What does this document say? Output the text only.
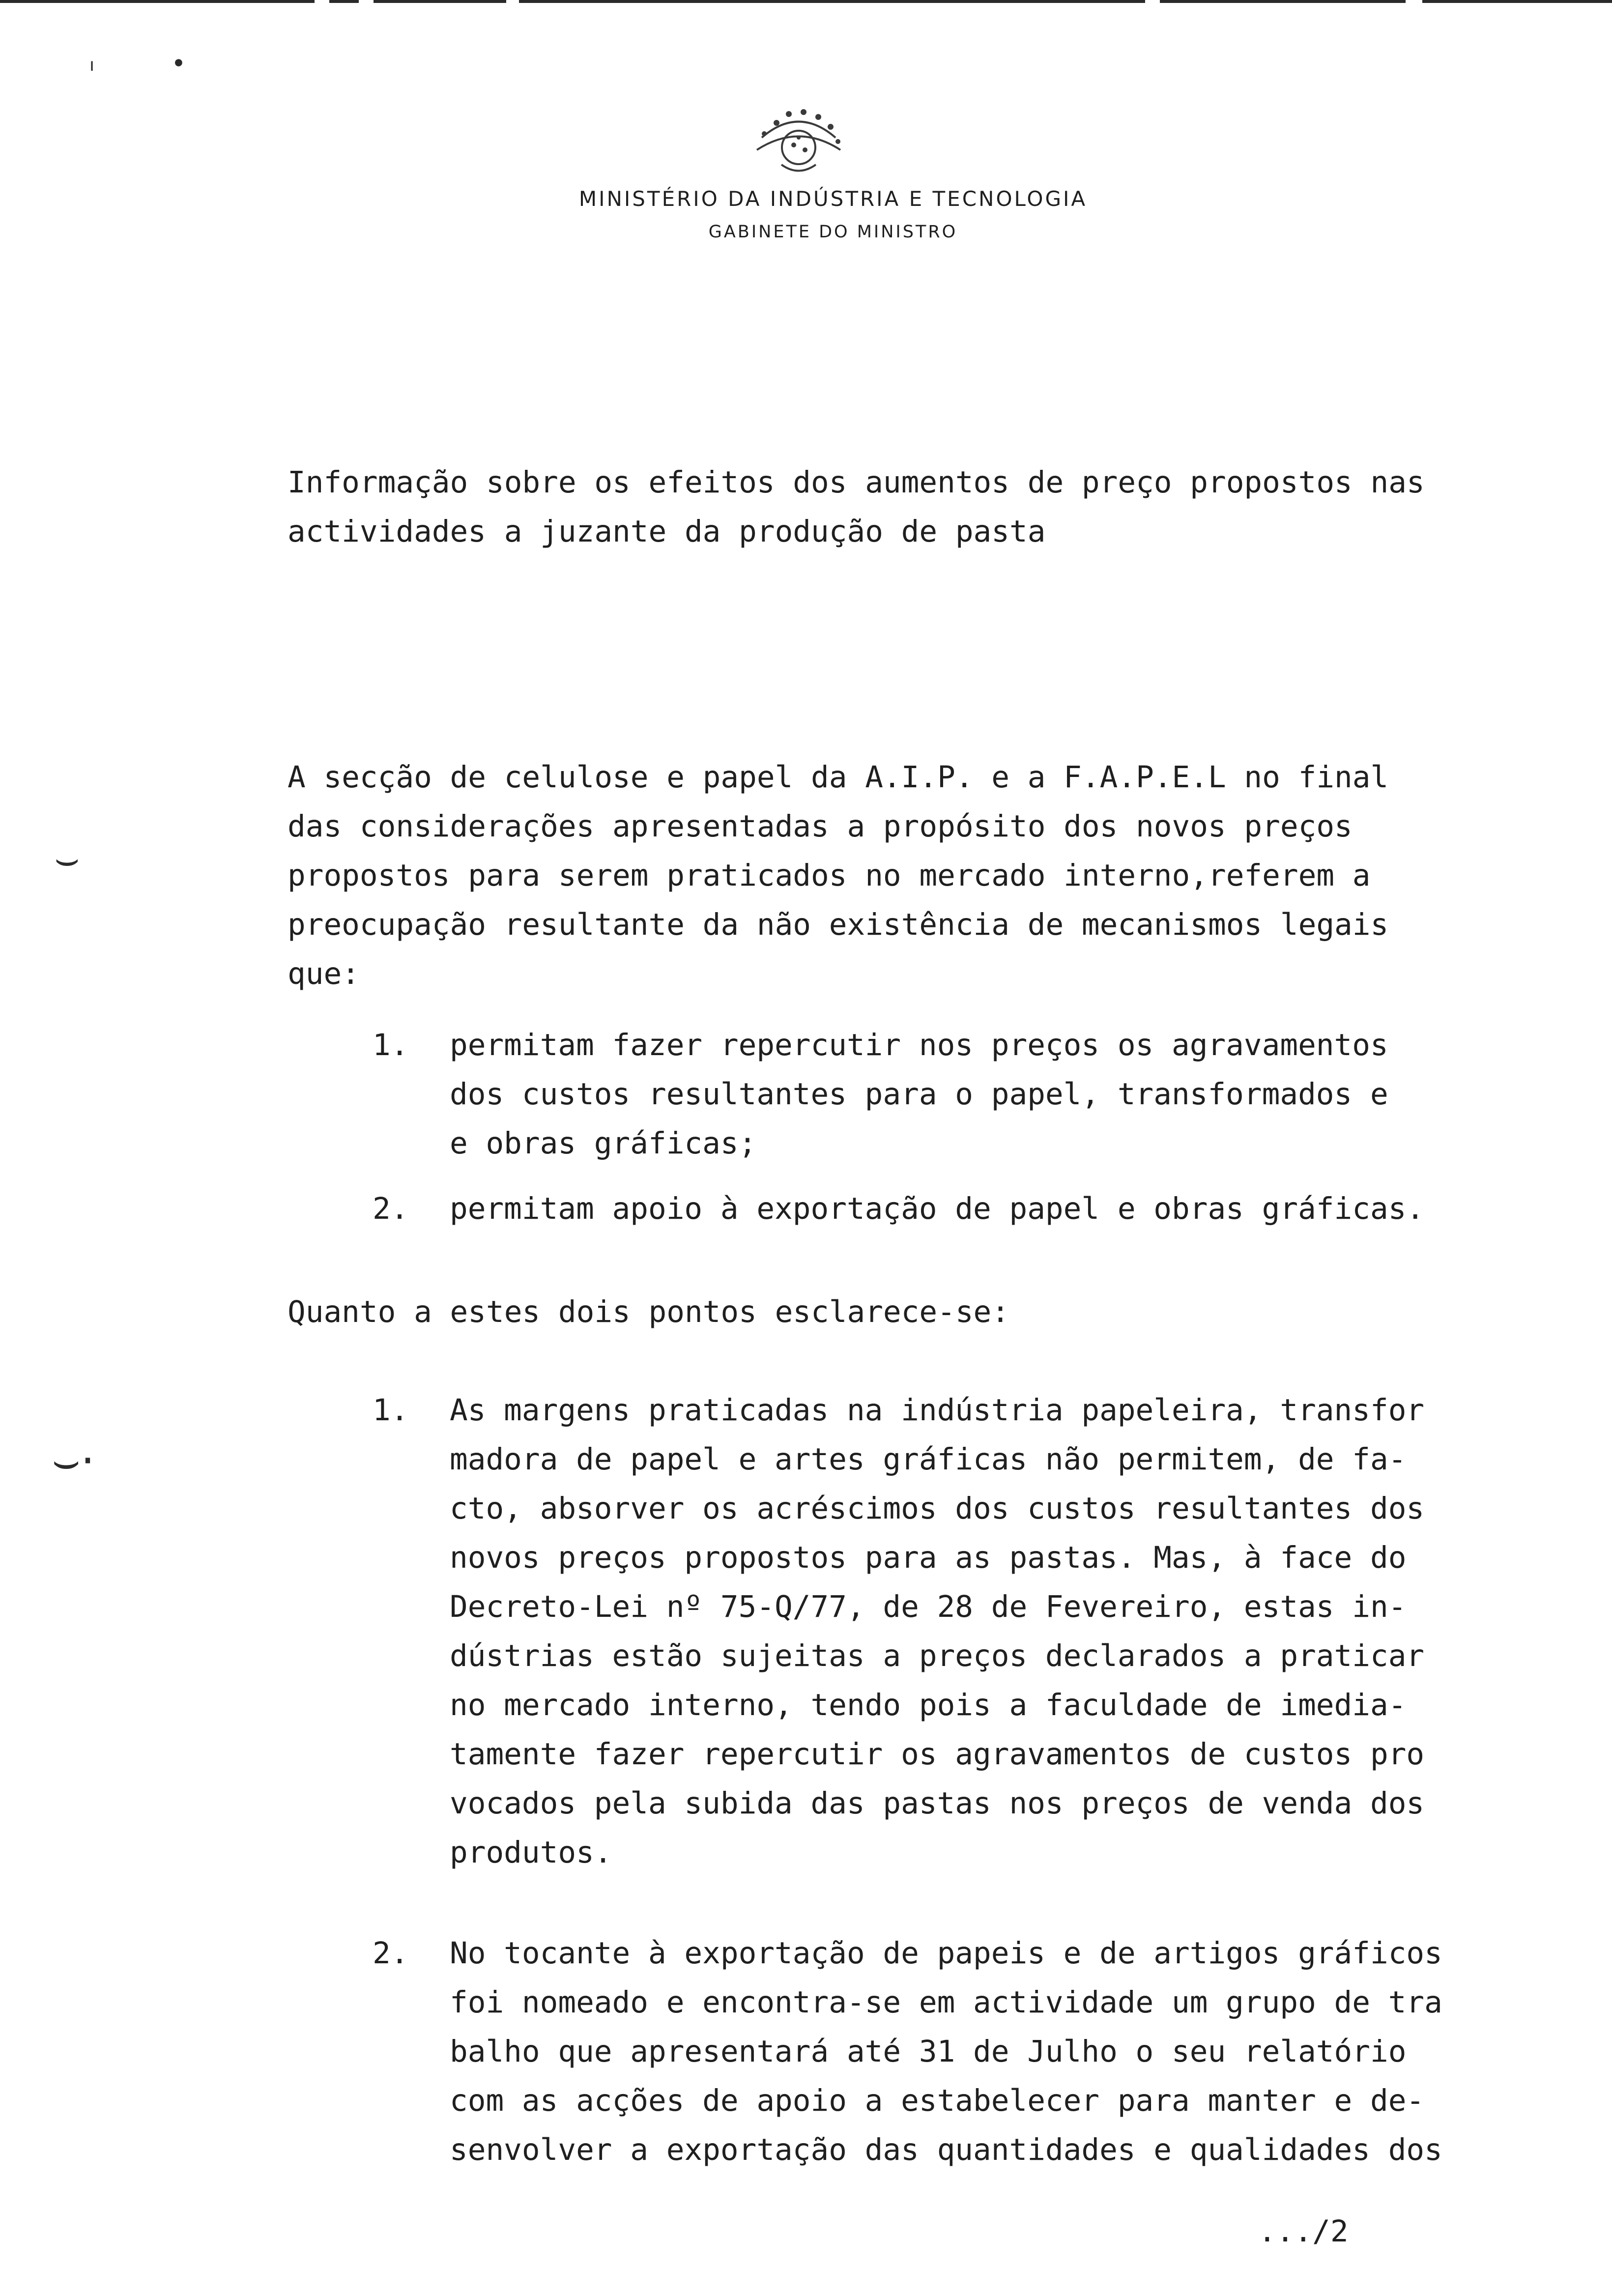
ı	•
MINISTÉRIO DA INDÚSTRIA E TECNOLOGIA
GABINETE DO MINISTRO
Informação sobre os efeitos dos aumentos de preço propostos nas
actividades a juzante da produção de pasta
A secção de celulose e papel da A.I.P. e a F.A.P.E.L no final
das considerações apresentadas a propósito dos novos preços
propostos para serem praticados no mercado interno,referem a
preocupação resultante da não existência de mecanismos legais
que:
⌣
⌣·
1. permitam fazer repercutir nos preços os agravamentos
dos custos resultantes para o papel, transformados e
e obras gráficas;
2. permitam apoio à exportação de papel e obras gráficas.
Quanto a estes dois pontos esclarece-se:
1. As margens praticadas na indústria papeleira, transfor
madora de papel e artes gráficas não permitem, de fa-
cto, absorver os acréscimos dos custos resultantes dos
novos preços propostos para as pastas. Mas, à face do
Decreto-Lei nº 75-Q/77, de 28 de Fevereiro, estas in-
dústrias estão sujeitas a preços declarados a praticar
no mercado interno, tendo pois a faculdade de imedia-
tamente fazer repercutir os agravamentos de custos pro
vocados pela subida das pastas nos preços de venda dos
produtos.
2. No tocante à exportação de papeis e de artigos gráficos
foi nomeado e encontra-se em actividade um grupo de tra
balho que apresentará até 31 de Julho o seu relatório
com as acções de apoio a estabelecer para manter e de-
senvolver a exportação das quantidades e qualidades dos
.../2
